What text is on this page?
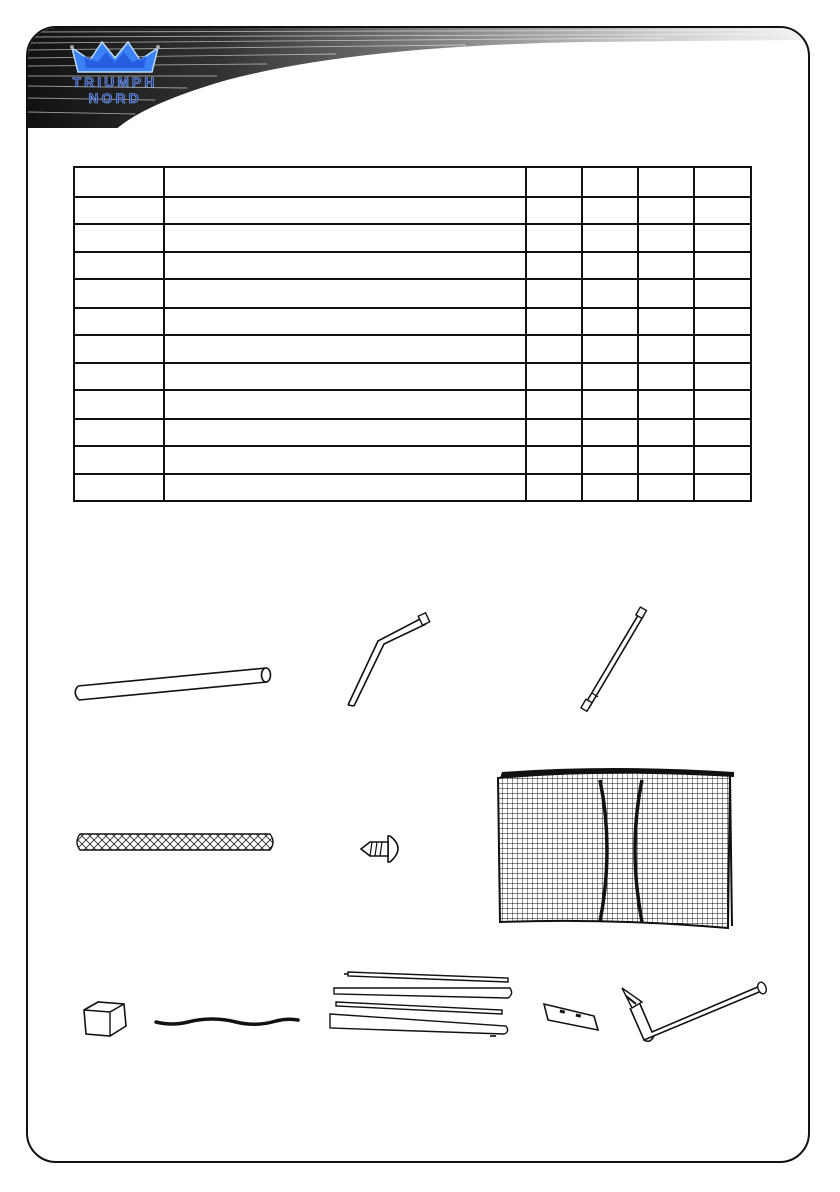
TRIUMPH
NORD
